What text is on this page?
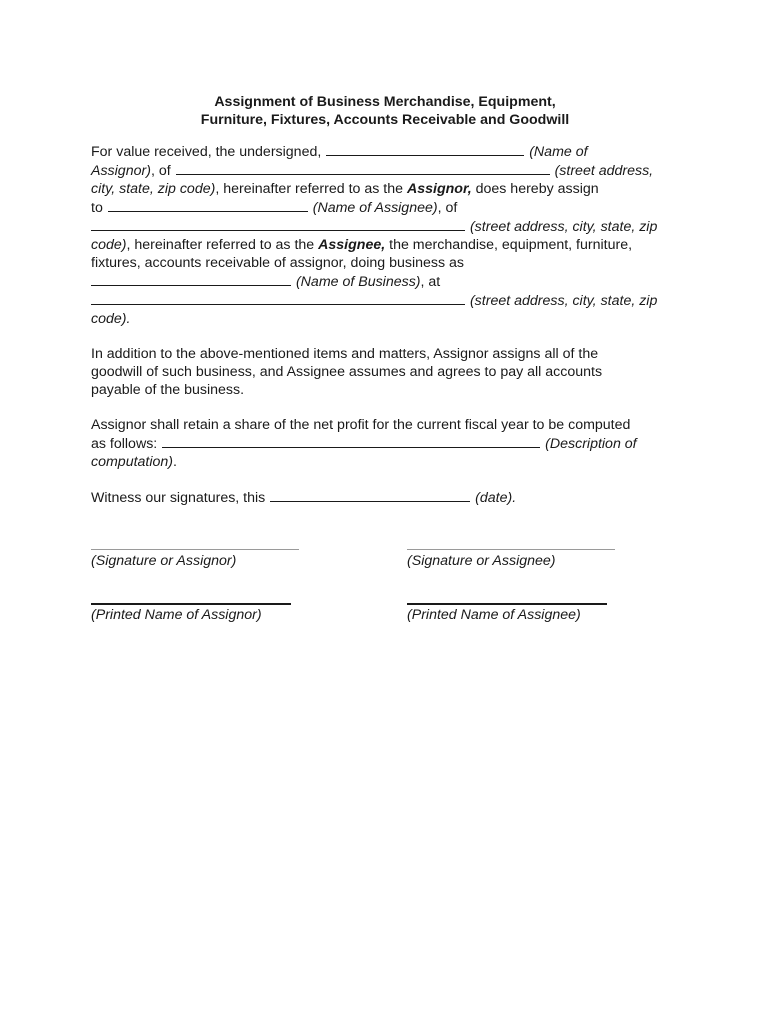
Assignment of Business Merchandise, Equipment,
Furniture, Fixtures, Accounts Receivable and Goodwill
For value received, the undersigned,	(Name of
Assignor), of	(street address,
city, state, zip code), hereinafter referred to as the Assignor, does hereby assign
to	(Name of Assignee), of
(street address, city, state, zip
code), hereinafter referred to as the Assignee, the merchandise, equipment, furniture,
fixtures, accounts receivable of assignor, doing business as
(Name of Business), at
(street address, city, state, zip
code).
In addition to the above-mentioned items and matters, Assignor assigns all of the
goodwill of such business, and Assignee assumes and agrees to pay all accounts
payable of the business.
Assignor shall retain a share of the net profit for the current fiscal year to be computed
as follows:	(Description of
computation).
Witness our signatures, this	(date).
(Signature or Assignor)	(Signature or Assignee)
(Printed Name of Assignor)	(Printed Name of Assignee)
